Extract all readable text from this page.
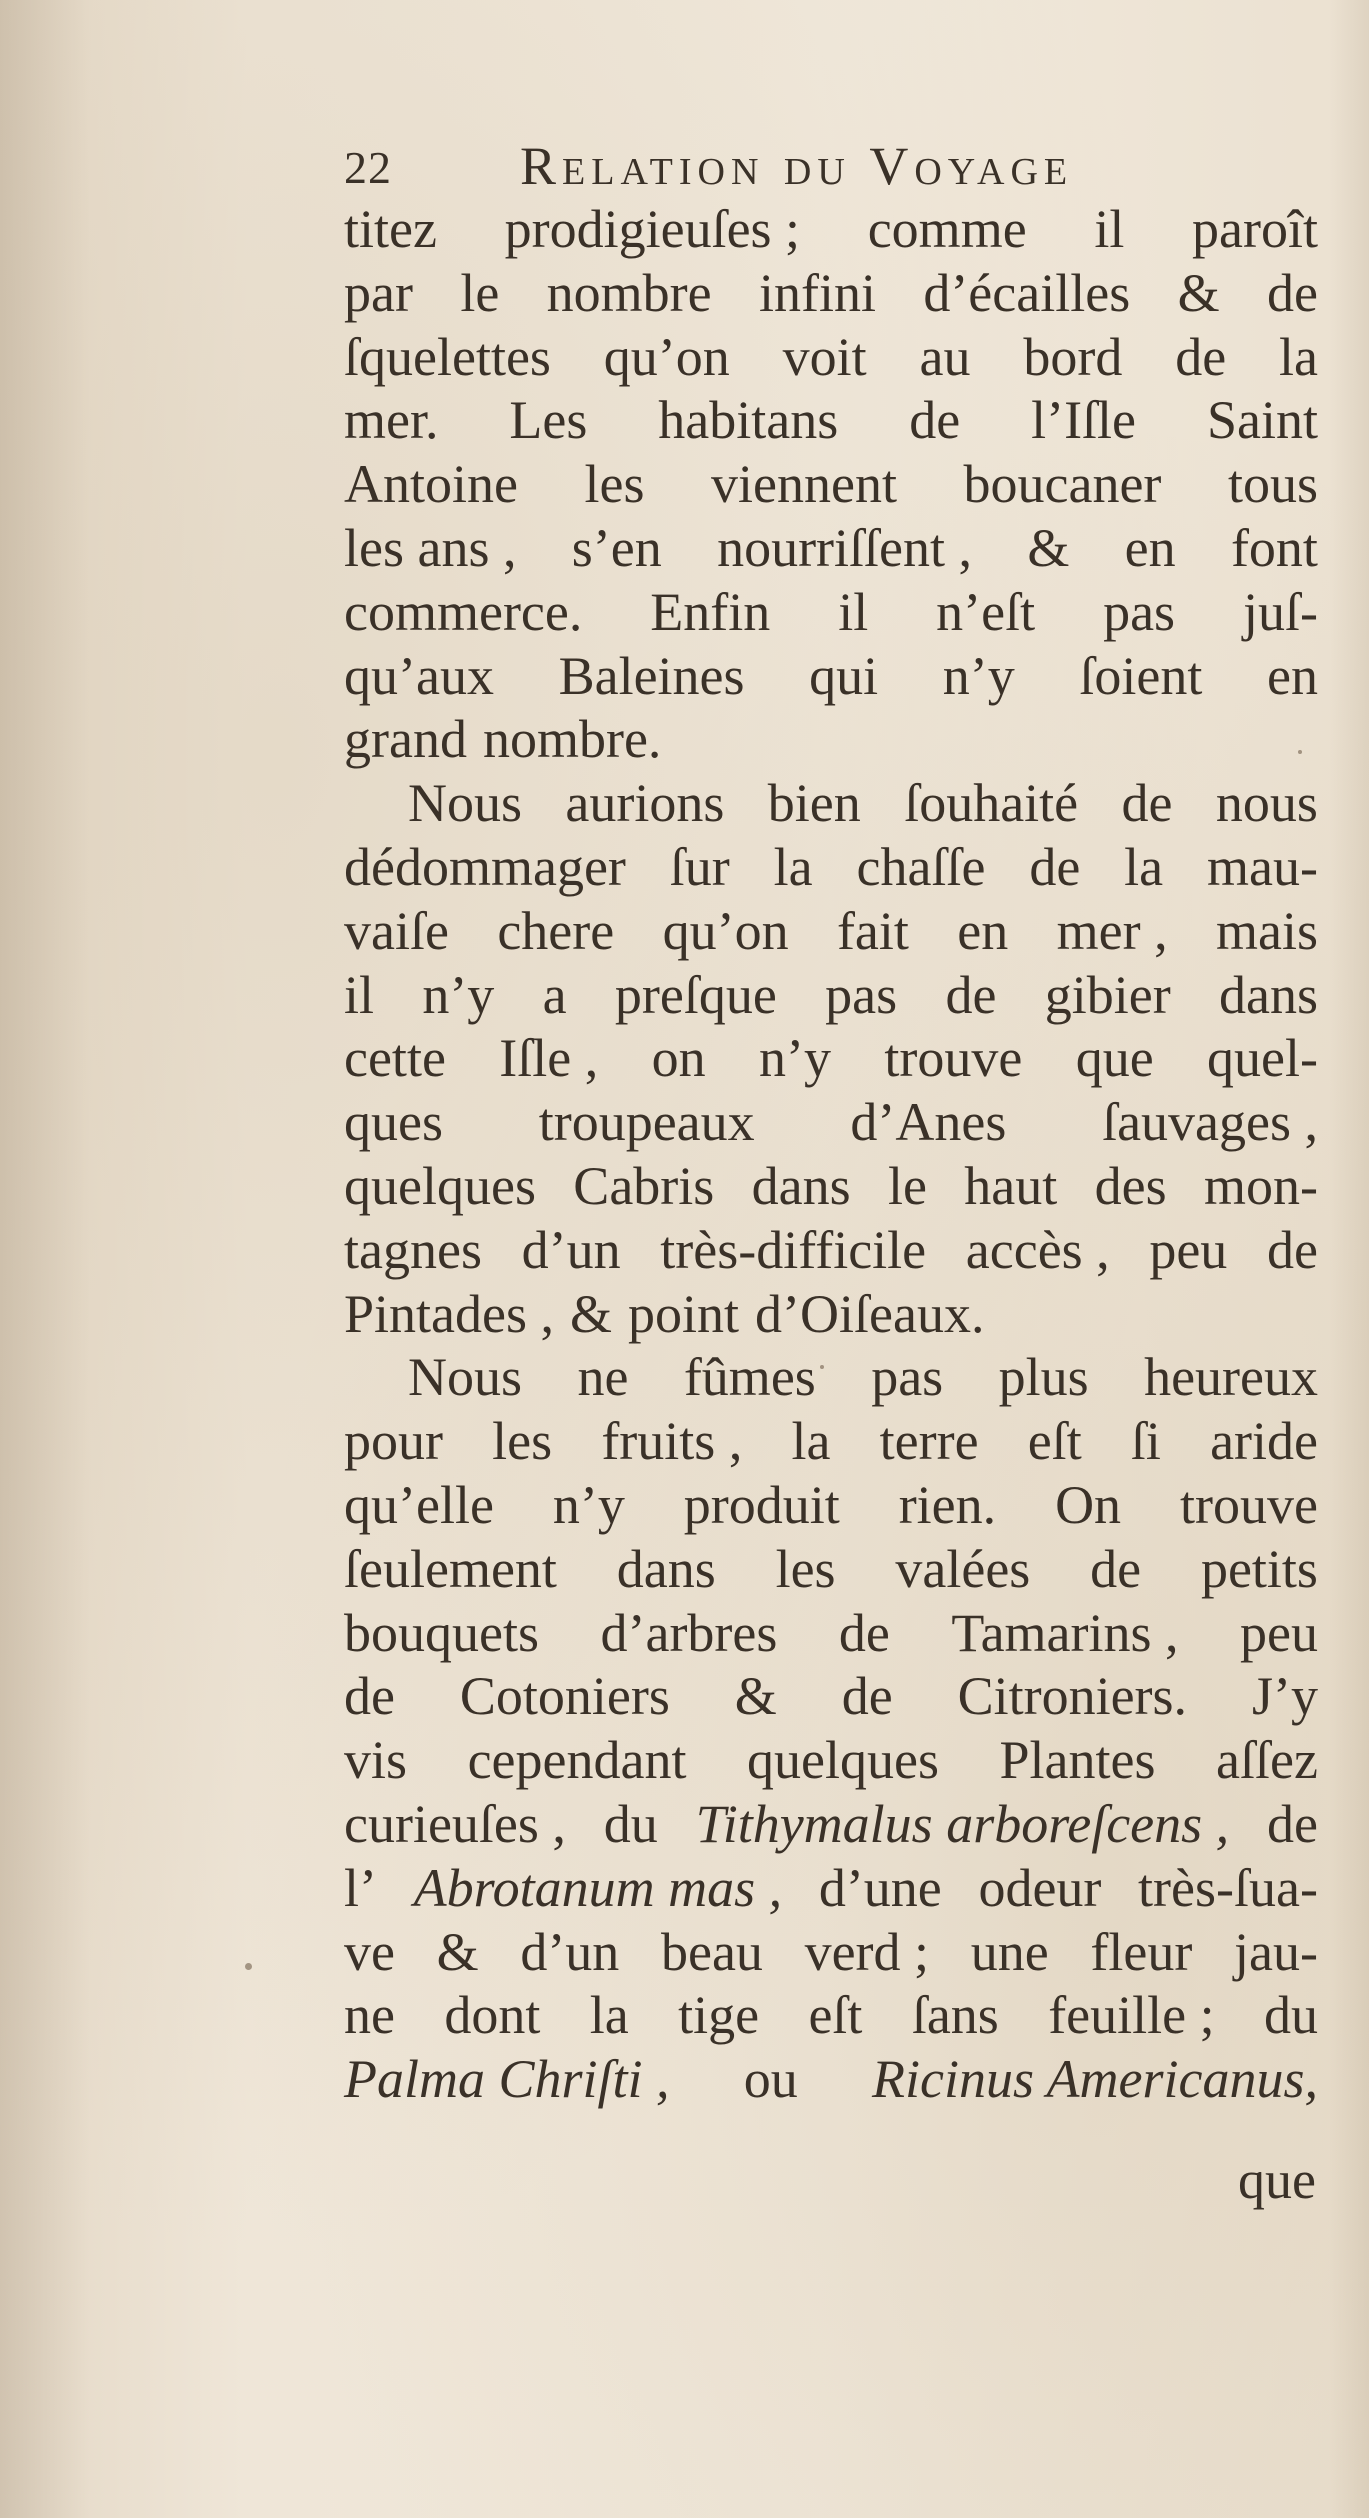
22 Relation du Voyage
titez prodigieuſes ; comme il paroît
par le nombre infini d’écailles & de
ſquelettes qu’on voit au bord de la
mer. Les habitans de l’Iſle Saint
Antoine les viennent boucaner tous
les ans , s’en nourriſſent , & en font
commerce. Enfin il n’eſt pas juſ-
qu’aux Baleines qui n’y ſoient en
grand nombre.
Nous aurions bien ſouhaité de nous
dédommager ſur la chaſſe de la mau-
vaiſe chere qu’on fait en mer , mais
il n’y a preſque pas de gibier dans
cette Iſle , on n’y trouve que quel-
ques troupeaux d’Anes ſauvages ,
quelques Cabris dans le haut des mon-
tagnes d’un très-difficile accès , peu de
Pintades , & point d’Oiſeaux.
Nous ne fûmes pas plus heureux
pour les fruits , la terre eſt ſi aride
qu’elle n’y produit rien. On trouve
ſeulement dans les valées de petits
bouquets d’arbres de Tamarins , peu
de Cotoniers & de Citroniers. J’y
vis cependant quelques Plantes aſſez
curieuſes , du Tithymalus arboreſcens , de
l’ Abrotanum mas , d’une odeur très-ſua-
ve & d’un beau verd ; une fleur jau-
ne dont la tige eſt ſans feuille ; du
Palma Chriſti , ou Ricinus Americanus,
que
